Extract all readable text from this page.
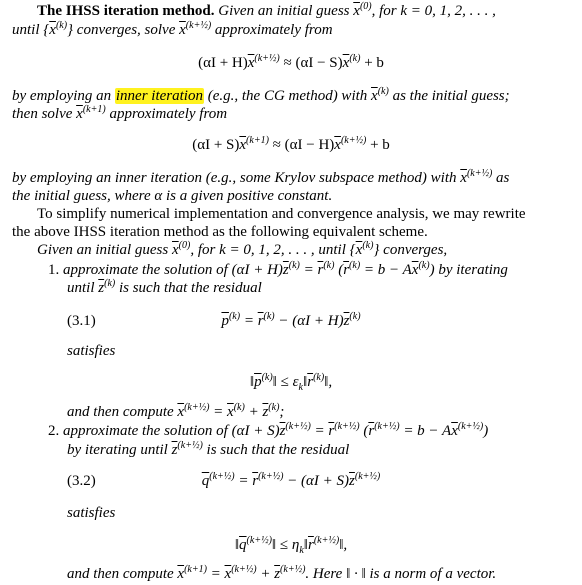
The IHSS iteration method. Given an initial guess $\overline{x}^{(0)}$, for k = 0, 1, 2, . . . ,
until $\{\overline{x}^{(k)}\}$ converges, solve $\overline{x}^{(k+\frac{1}{2})}$ approximately from
$(\alpha I + H)\overline{x}^{(k+\frac{1}{2})} \approx (\alpha I - S)\overline{x}^{(k)} + b$
by employing an inner iteration (e.g., the CG method) with $\overline{x}^{(k)}$ as the initial guess;
then solve $\overline{x}^{(k+1)}$ approximately from
$(\alpha I + S)\overline{x}^{(k+1)} \approx (\alpha I - H)\overline{x}^{(k+\frac{1}{2})} + b$
by employing an inner iteration (e.g., some Krylov subspace method) with $\overline{x}^{(k+\frac{1}{2})}$ as
the initial guess, where α is a given positive constant.
To simplify numerical implementation and convergence analysis, we may rewrite
the above IHSS iteration method as the following equivalent scheme.
Given an initial guess $\overline{x}^{(0)}$, for k = 0, 1, 2, . . . , until $\{\overline{x}^{(k)}\}$ converges,
1. approximate the solution of $(\alpha I + H)\overline{z}^{(k)} = \overline{r}^{(k)}$ $(\overline{r}^{(k)} = b - A\overline{x}^{(k)})$ by iterating
until $\overline{z}^{(k)}$ is such that the residual
(3.1)	$\overline{p}^{(k)} = \overline{r}^{(k)} - (\alpha I + H)\overline{z}^{(k)}$
satisfies
$‖\overline{p}^{(k)}‖$ ≤ $\varepsilon_k‖\overline{r}^{(k)}‖$,
and then compute $\overline{x}^{(k+\frac{1}{2})} = \overline{x}^{(k)} + \overline{z}^{(k)}$;
2. approximate the solution of $(\alpha I + S)\overline{z}^{(k+\frac{1}{2})} = \overline{r}^{(k+\frac{1}{2})}$ $(\overline{r}^{(k+\frac{1}{2})} = b - A\overline{x}^{(k+\frac{1}{2})})$
by iterating until $\overline{z}^{(k+\frac{1}{2})}$ is such that the residual
(3.2)	$\overline{q}^{(k+\frac{1}{2})} = \overline{r}^{(k+\frac{1}{2})} - (\alpha I + S)\overline{z}^{(k+\frac{1}{2})}$
satisfies
$‖\overline{q}^{(k+\frac{1}{2})}‖$ ≤ $\eta_k‖\overline{r}^{(k+\frac{1}{2})}‖$,
and then compute $\overline{x}^{(k+1)} = \overline{x}^{(k+\frac{1}{2})} + \overline{z}^{(k+\frac{1}{2})}$. Here ‖ · ‖ is a norm of a vector.
